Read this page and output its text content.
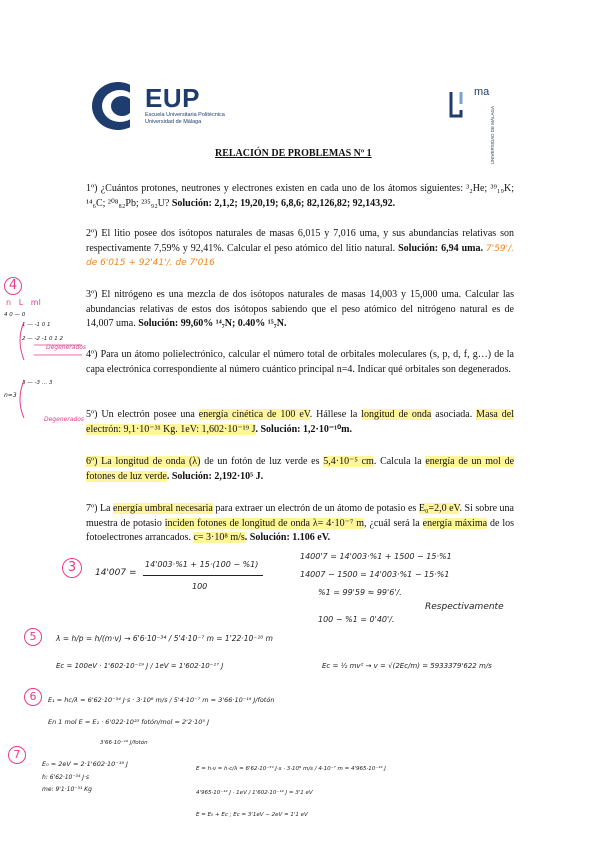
EUP
Escuela Universitaria Politécnica Universidad de Málaga
ma
UNIVERSIDAD DE MÁLAGA
RELACIÓN DE PROBLEMAS Nº 1
1º) ¿Cuántos protones, neutrones y electrones existen en cada uno de los átomos siguientes: ³₂He; ³⁹₁₉K; ¹⁴₆C; ²⁰⁸₈₂Pb; ²³⁵₉₂U? Solución: 2,1,2; 19,20,19; 6,8,6; 82,126,82; 92,143,92.
2º) El litio posee dos isótopos naturales de masas 6,015 y 7,016 uma, y sus abundancias relativas son respectivamente 7,59% y 92,41%. Calcular el peso atómico del litio natural. Solución: 6,94 uma. 7'59'/. de 6'015 + 92'41'/. de 7'016
3º) El nitrógeno es una mezcla de dos isótopos naturales de masas 14,003 y 15,000 uma. Calcular las abundancias relativas de estos dos isótopos sabiendo que el peso atómico del nitrógeno natural es de 14,007 uma. Solución: 99,60% ¹⁴₇N; 0.40% ¹⁵₇N.
4º) Para un átomo polielectrónico, calcular el número total de orbitales moleculares (s, p, d, f, g…) de la capa electrónica correspondiente al número cuántico principal n=4. Indicar qué orbitales son degenerados.
5º) Un electrón posee una energía cinética de 100 eV. Hállese la longitud de onda asociada. Masa del electrón: 9,1·10⁻³¹ Kg. 1eV: 1,602·10⁻¹⁹ J. Solución: 1,2·10⁻¹⁰m.
6º) La longitud de onda (λ) de un fotón de luz verde es 5,4·10⁻⁵ cm. Calcula la energía de un mol de fotones de luz verde. Solución: 2,192·10⁵ J.
7º) La energía umbral necesaria para extraer un electrón de un átomo de potasio es E₀=2,0 eV. Si sobre una muestra de potasio inciden fotones de longitud de onda λ= 4·10⁻⁷ m, ¿cuál será la energía máxima de los fotoelectrones arrancados. c= 3·10⁸ m/s. Solución: 1.106 eV.
4
n   L   ml
4 0 — 0
1 — -1 0 1
2 — -2 -1 0 1 2
Degenerados
n=3
3 — -3 … 3
Degenerados
3	14'007 =
14'003·%1 + 15·(100 − %1)
100
1400'7 = 14'003·%1 + 1500 − 15·%1
14007 − 1500 = 14'003·%1 − 15·%1
%1 = 99'59 ≈ 99'6'/.
100 − %1 = 0'40'/.
Respectivamente
5	λ = h/p = h/(m·v) → 6'6·10⁻³⁴ / 5'4·10⁻⁷ m = 1'22·10⁻¹⁰ m
Ec = 100eV · 1'602·10⁻¹⁹ J / 1eV = 1'602·10⁻¹⁷ J	Ec = ½ mv² → v = √(2Ec/m) = 5933379'622 m/s
6	E₁ = hc/λ = 6'62·10⁻³⁴ J·s · 3·10⁸ m/s / 5'4·10⁻⁷ m = 3'66·10⁻¹⁹ J/fotón
En 1 mol E = E₁ · 6'022·10²³ fotón/mol = 2'2·10⁵ J
3'66·10⁻¹⁹ J/fotón
7
E₀ = 2eV = 2·1'602·10⁻¹⁹ J
h: 6'62·10⁻³⁴ J·s
me: 9'1·10⁻³¹ Kg
E = h·ν = h·c/λ = 6'62·10⁻³⁴ J·s · 3·10⁸ m/s / 4·10⁻⁷ m = 4'965·10⁻¹⁹ J
4'965·10⁻¹⁹ J · 1eV / 1'602·10⁻¹⁹ J = 3'1 eV
E = E₀ + Ec ; Ec = 3'1eV − 2eV = 1'1 eV
